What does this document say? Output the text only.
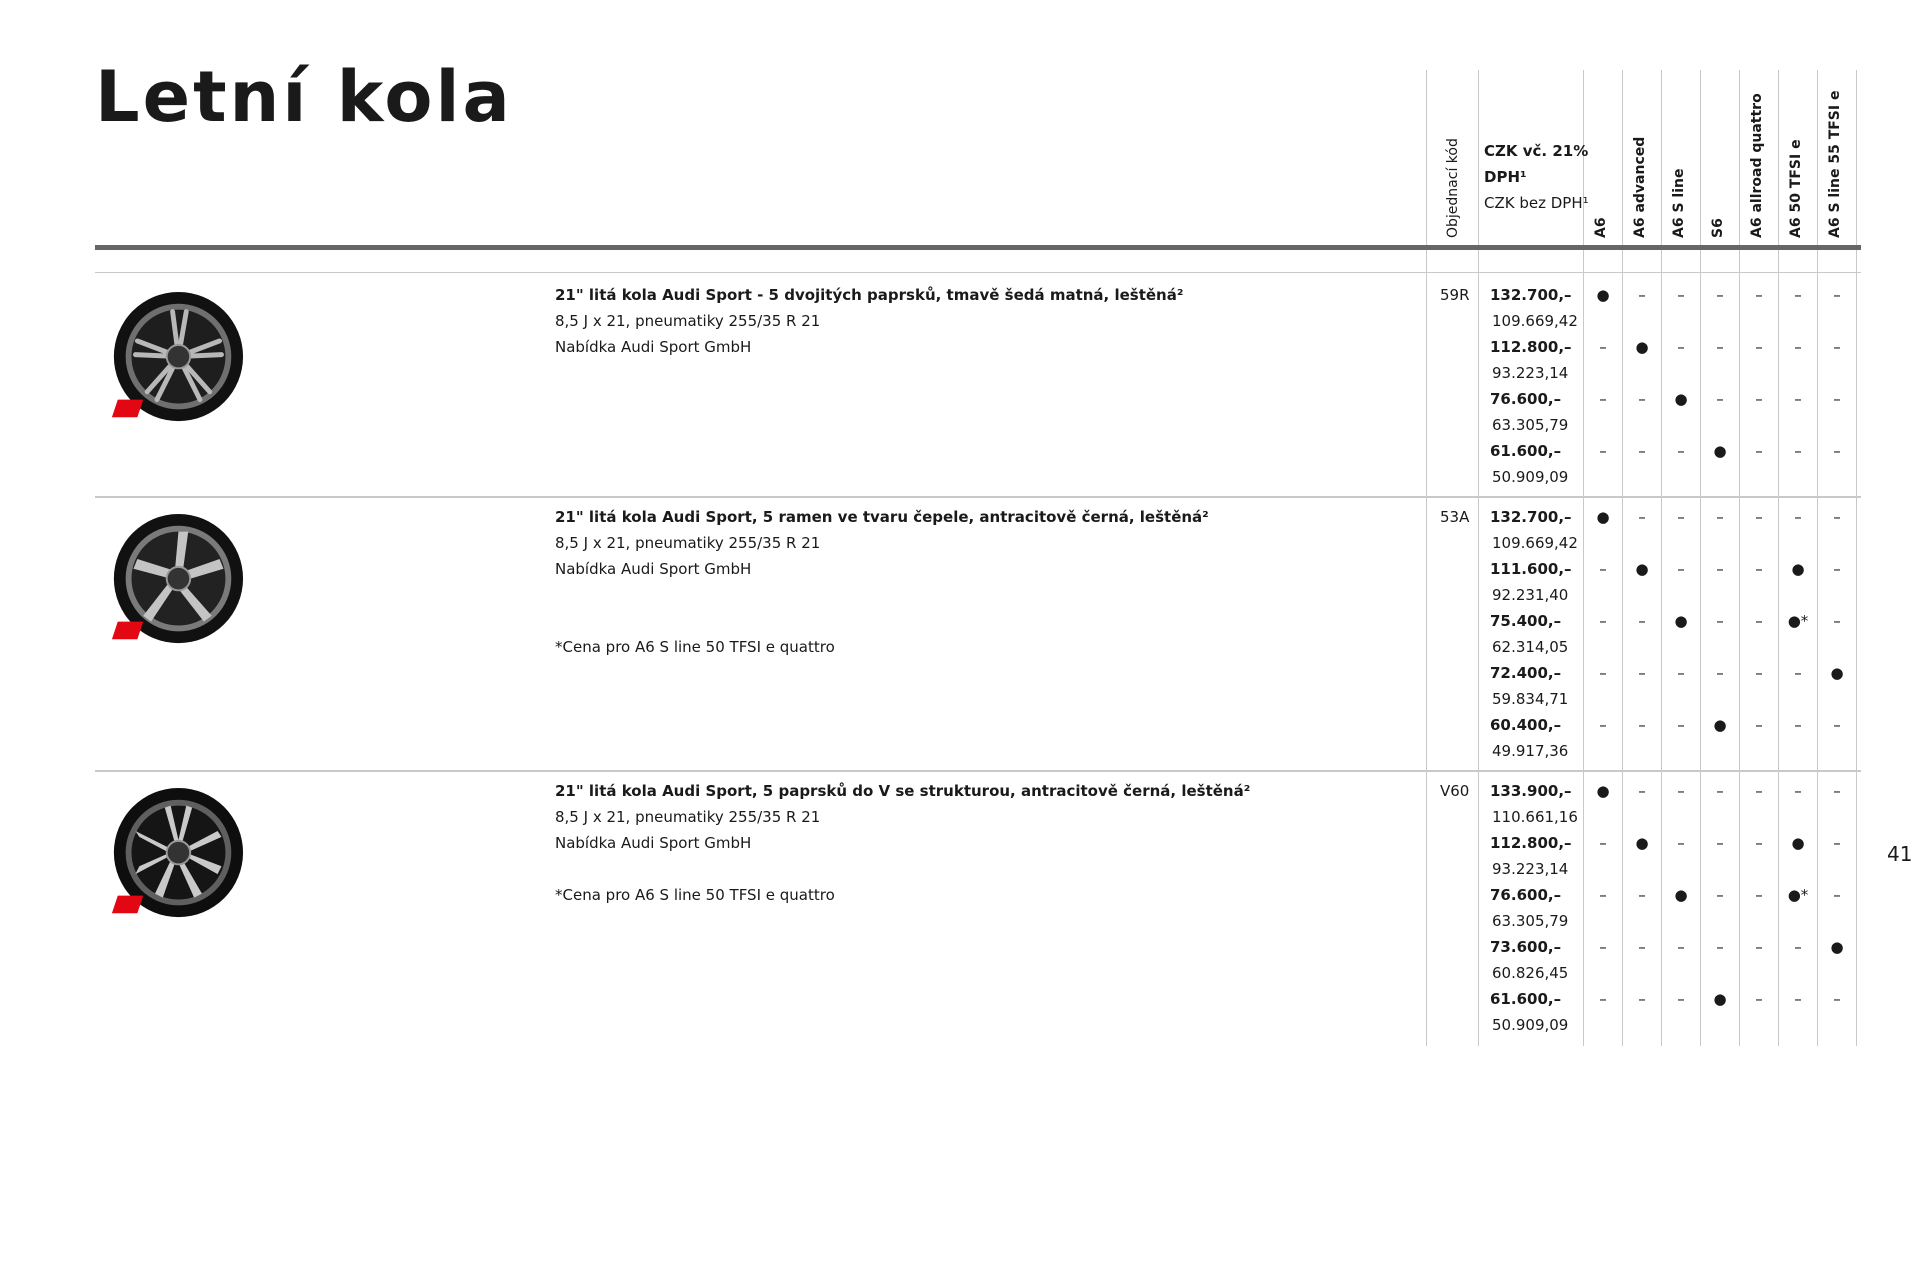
Letní kola
Objednací kód CZK vč. 21%
DPH¹
CZK bez DPH¹
A6 A6 advanced A6 S line S6 A6 allroad quattro A6 50 TFSI e A6 S line 55 TFSI e
21" litá kola Audi Sport - 5 dvojitých paprsků, tmavě šedá matná, leštěná²
8,5 J x 21, pneumatiky 255/35 R 21
Nabídka Audi Sport GmbH
59R
21" litá kola Audi Sport, 5 ramen ve tvaru čepele, antracitově černá, leštěná²
8,5 J x 21, pneumatiky 255/35 R 21
Nabídka Audi Sport GmbH
*Cena pro A6 S line 50 TFSI e quattro
53A
21" litá kola Audi Sport, 5 paprsků do V se strukturou, antracitově černá, leštěná²
8,5 J x 21, pneumatiky 255/35 R 21
Nabídka Audi Sport GmbH
*Cena pro A6 S line 50 TFSI e quattro
V60
132.700,–
109.669,42
● – – – – – –
112.800,–
93.223,14
– ● – – – – –
76.600,–
63.305,79
– – ● – – – –
61.600,–
50.909,09
– – – ● – – –
132.700,–
109.669,42
● – – – – – –
111.600,–
92.231,40
– ● – – – ● –
75.400,–
62.314,05
– – ● – – ●* –
72.400,–
59.834,71
– – – – – – ●
60.400,–
49.917,36
– – – ● – – –
133.900,–
110.661,16
● – – – – – –
112.800,–
93.223,14
– ● – – – ● –
76.600,–
63.305,79
– – ● – – ●* –
73.600,–
60.826,45
– – – – – – ●
61.600,–
50.909,09
– – – ● – – –
41
